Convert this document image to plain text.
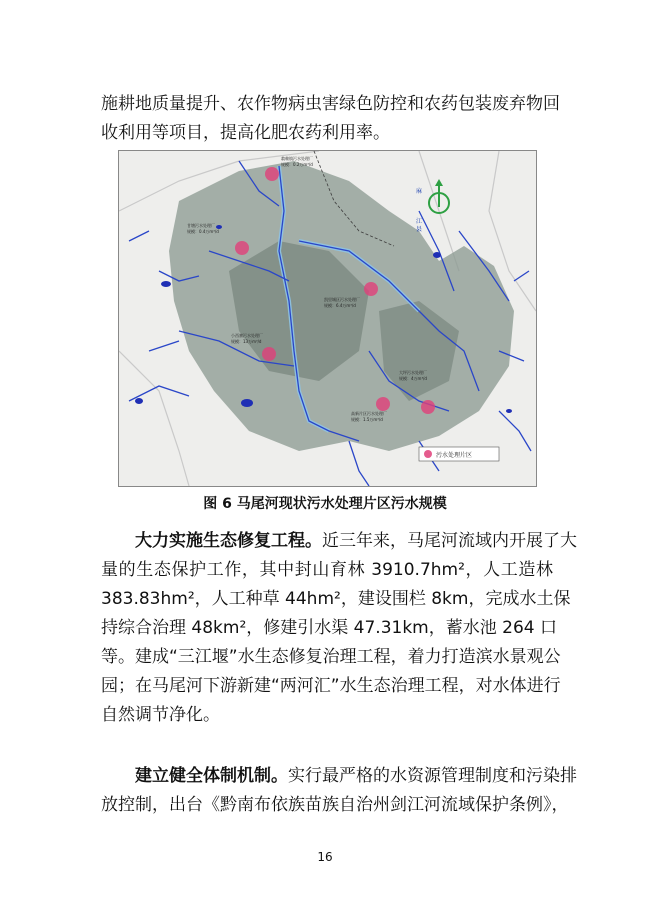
施耕地质量提升、农作物病虫害绿色防控和农药包装废弃物回
收利用等项目，提高化肥农药利用率。

麻
江
县
翁赖镇污水处理厂
规模：0.2万m³/d
甘塘污水处理厂
规模：0.4万m³/d
凯里城区污水处理厂
规模：6.4万m³/d
小西寨污水处理厂
规模：13万m³/d
大坪污水处理厂
规模：4万m³/d
高新片区污水处理厂
规模：1.5万m³/d
污水处理片区
图 6 马尾河现状污水处理片区污水规模

大力实施生态修复工程。近三年来，马尾河流域内开展了大
量的生态保护工作，其中封山育林 3910.7hm²，人工造林
383.83hm²，人工种草 44hm²，建设围栏 8km，完成水土保
持综合治理 48km²，修建引水渠 47.31km，蓄水池 264 口
等。建成“三江堰”水生态修复治理工程，着力打造滨水景观公
园；在马尾河下游新建“两河汇”水生态治理工程，对水体进行
自然调节净化。

建立健全体制机制。实行最严格的水资源管理制度和污染排
放控制，出台《黔南布依族苗族自治州剑江河流域保护条例》，

16
